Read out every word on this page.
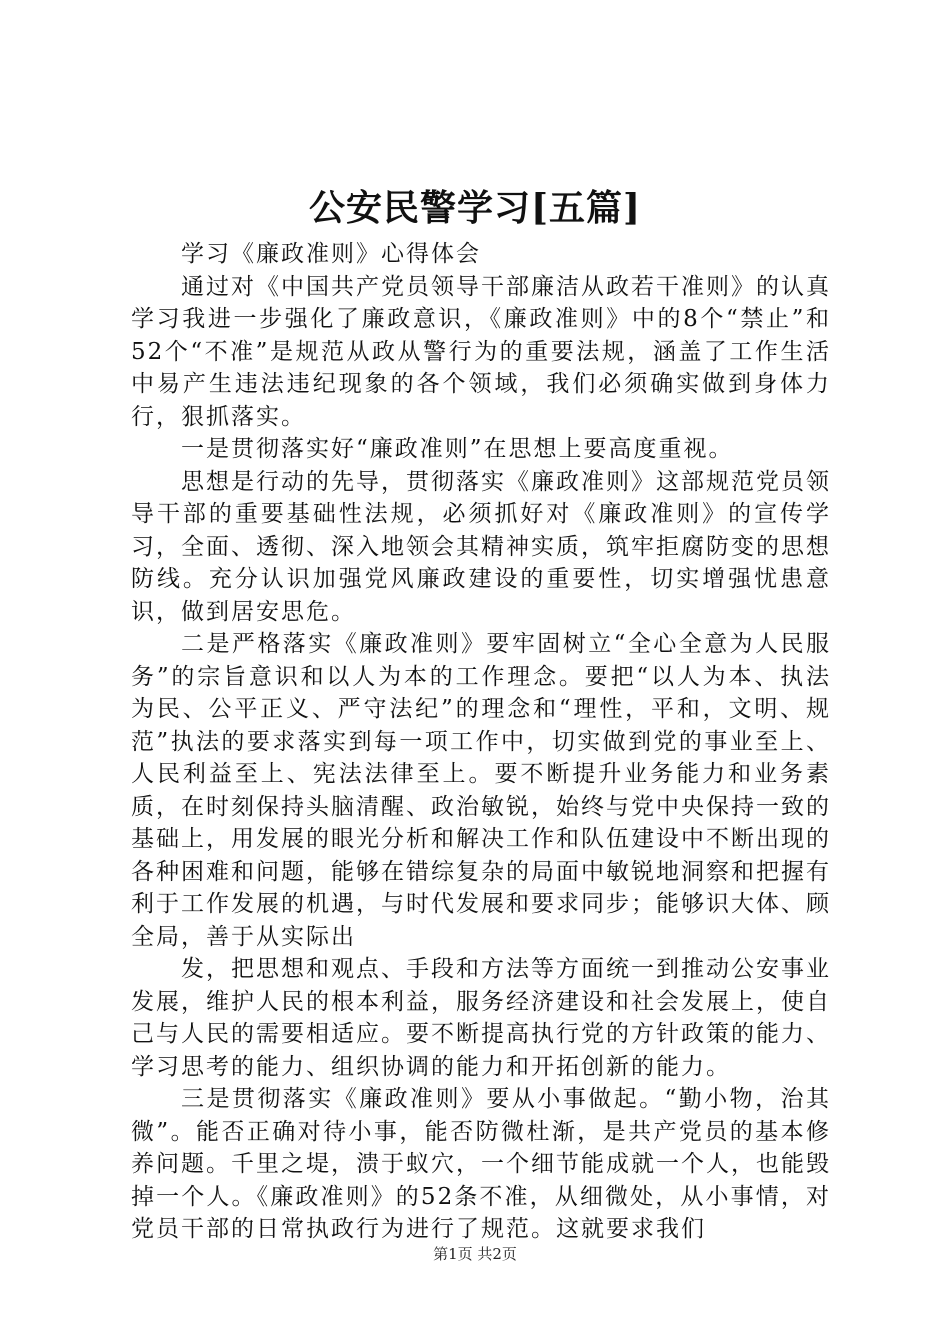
公安民警学习[五篇]

学习《廉政准则》心得体会

通过对《中国共产党员领导干部廉洁从政若干准则》的认真学习我进一步强化了廉政意识，《廉政准则》中的8个“禁止”和52个“不准”是规范从政从警行为的重要法规，涵盖了工作生活中易产生违法违纪现象的各个领域，我们必须确实做到身体力行，狠抓落实。

一是贯彻落实好“廉政准则”在思想上要高度重视。

思想是行动的先导，贯彻落实《廉政准则》这部规范党员领导干部的重要基础性法规，必须抓好对《廉政准则》的宣传学习，全面、透彻、深入地领会其精神实质，筑牢拒腐防变的思想防线。充分认识加强党风廉政建设的重要性，切实增强忧患意识，做到居安思危。

二是严格落实《廉政准则》要牢固树立“全心全意为人民服务”的宗旨意识和以人为本的工作理念。要把“以人为本、执法为民、公平正义、严守法纪”的理念和“理性，平和，文明、规范”执法的要求落实到每一项工作中，切实做到党的事业至上、人民利益至上、宪法法律至上。要不断提升业务能力和业务素质，在时刻保持头脑清醒、政治敏锐，始终与党中央保持一致的基础上，用发展的眼光分析和解决工作和队伍建设中不断出现的各种困难和问题，能够在错综复杂的局面中敏锐地洞察和把握有利于工作发展的机遇，与时代发展和要求同步；能够识大体、顾全局，善于从实际出

发，把思想和观点、手段和方法等方面统一到推动公安事业发展，维护人民的根本利益，服务经济建设和社会发展上，使自己与人民的需要相适应。要不断提高执行党的方针政策的能力、学习思考的能力、组织协调的能力和开拓创新的能力。

三是贯彻落实《廉政准则》要从小事做起。“勤小物，治其微”。能否正确对待小事，能否防微杜渐，是共产党员的基本修养问题。千里之堤，溃于蚁穴，一个细节能成就一个人，也能毁掉一个人。《廉政准则》的52条不准，从细微处，从小事情，对党员干部的日常执政行为进行了规范。这就要求我们

第1页 共2页
